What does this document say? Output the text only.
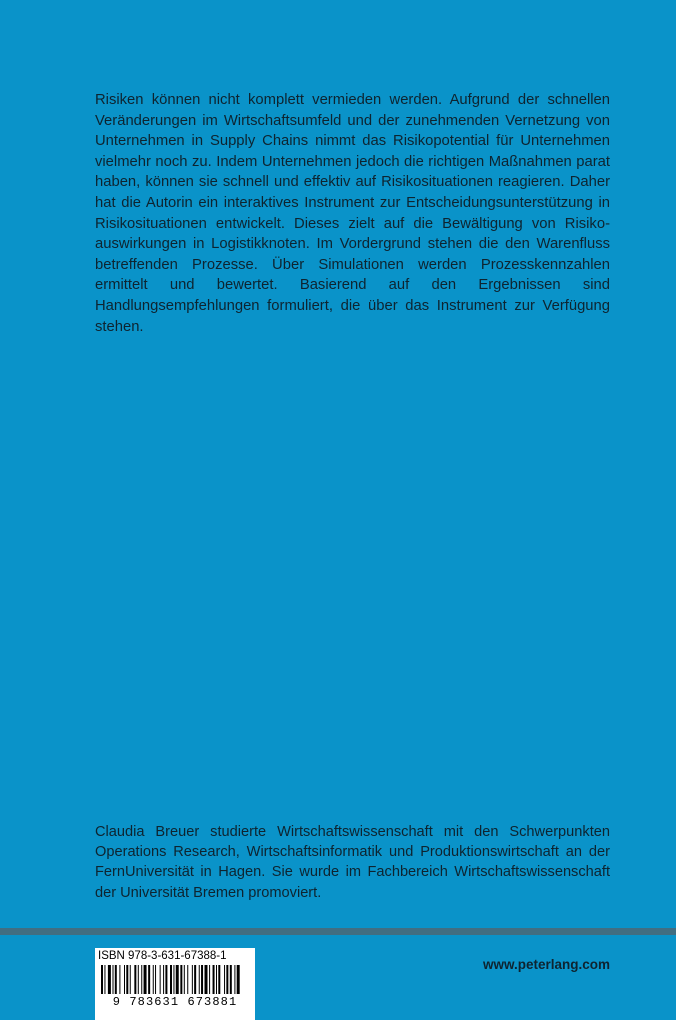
Risiken können nicht komplett vermieden werden. Aufgrund der schnellen Veränderungen im Wirtschaftsumfeld und der zunehmenden Vernetzung von Unternehmen in Supply Chains nimmt das Risikopotential für Unternehmen vielmehr noch zu. Indem Unternehmen jedoch die richtigen Maßnahmen parat haben, können sie schnell und effektiv auf Risikosituationen reagieren. Daher hat die Autorin ein interaktives Instrument zur Entscheidungsunterstützung in Risikosituationen entwickelt. Dieses zielt auf die Bewältigung von Risikoauswirkungen in Logistikknoten. Im Vordergrund stehen die den Warenfluss betreffenden Prozesse. Über Simulationen werden Prozesskennzahlen ermittelt und bewertet. Basierend auf den Ergebnissen sind Handlungsempfehlungen formuliert, die über das Instrument zur Verfügung stehen.

Claudia Breuer studierte Wirtschaftswissenschaft mit den Schwerpunkten Operations Research, Wirtschaftsinformatik und Produktionswirtschaft an der FernUniversität in Hagen. Sie wurde im Fachbereich Wirtschaftswissenschaft der Universität Bremen promoviert.

ISBN 978-3-631-67388-1
9 783631 673881
www.peterlang.com
